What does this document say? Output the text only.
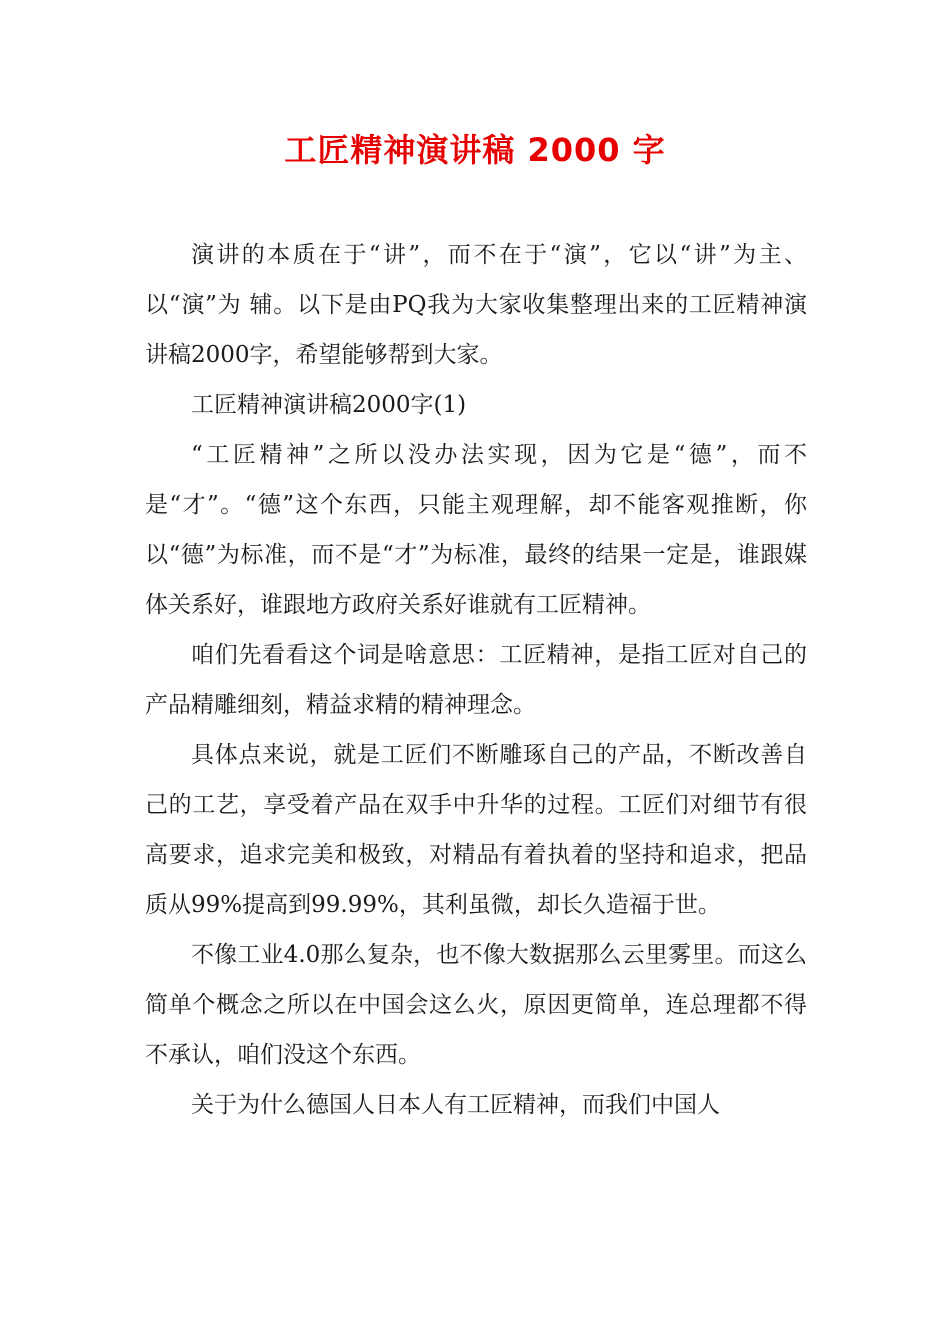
工匠精神演讲稿 2000 字

演讲的本质在于“讲”，而不在于“演”，它以“讲”为主、以“演”为 辅。以下是由PQ我为大家收集整理出来的工匠精神演讲稿2000字，希望能够帮到大家。

工匠精神演讲稿2000字(1)

“工匠精神”之所以没办法实现，因为它是“德”，而不是“才”。“德”这个东西，只能主观理解，却不能客观推断，你以“德”为标准，而不是“才”为标准，最终的结果一定是，谁跟媒体关系好，谁跟地方政府关系好谁就有工匠精神。

咱们先看看这个词是啥意思：工匠精神，是指工匠对自己的产品精雕细刻，精益求精的精神理念。

具体点来说，就是工匠们不断雕琢自己的产品，不断改善自己的工艺，享受着产品在双手中升华的过程。工匠们对细节有很高要求，追求完美和极致，对精品有着执着的坚持和追求，把品质从99%提高到99.99%，其利虽微，却长久造福于世。

不像工业4.0那么复杂，也不像大数据那么云里雾里。而这么简单个概念之所以在中国会这么火，原因更简单，连总理都不得不承认，咱们没这个东西。

关于为什么德国人日本人有工匠精神，而我们中国人
